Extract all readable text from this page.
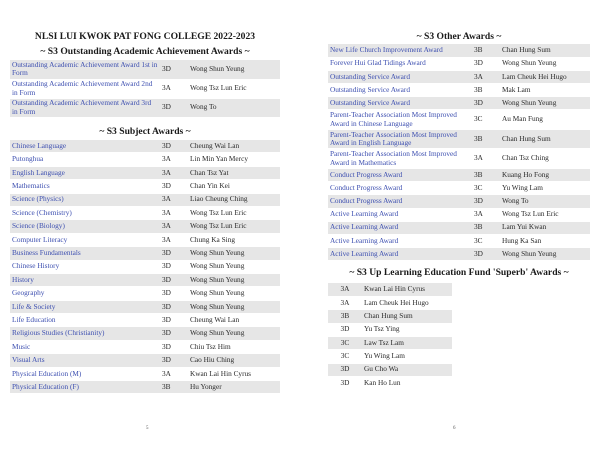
NLSI LUI KWOK PAT FONG COLLEGE 2022-2023
~ S3 Outstanding Academic Achievement Awards ~
Outstanding Academic Achievement Award 1st in Form	3D	Wong Shun Yeung
Outstanding Academic Achievement Award 2nd in Form	3A	Wong Tsz Lun Eric
Outstanding Academic Achievement Award 3rd in Form	3D	Wong To
~ S3 Subject Awards ~
Chinese Language	3D	Cheung Wai Lan
Putonghua	3A	Lin Min Yan Mercy
English Language	3A	Chan Tsz Yat
Mathematics	3D	Chan Yin Kei
Science (Physics)	3A	Liao Cheung Ching
Science (Chemistry)	3A	Wong Tsz Lun Eric
Science (Biology)	3A	Wong Tsz Lun Eric
Computer Literacy	3A	Chung Ka Sing
Business Fundamentals	3D	Wong Shun Yeung
Chinese History	3D	Wong Shun Yeung
History	3D	Wong Shun Yeung
Geography	3D	Wong Shun Yeung
Life & Society	3D	Wong Shun Yeung
Life Education	3D	Cheung Wai Lan
Religious Studies (Christianity)	3D	Wong Shun Yeung
Music	3D	Chiu Tsz Him
Visual Arts	3D	Cao Hiu Ching
Physical Education (M)	3A	Kwan Lai Hin Cyrus
Physical Education (F)	3B	Hu Yonger
5
~ S3 Other Awards ~
New Life Church Improvement Award	3B	Chan Hung Sum
Forever Hui Glad Tidings Award	3D	Wong Shun Yeung
Outstanding Service Award	3A	Lam Cheuk Hei Hugo
Outstanding Service Award	3B	Mak Lam
Outstanding Service Award	3D	Wong Shun Yeung
Parent-Teacher Association Most Improved Award in Chinese Language	3C	Au Man Fung
Parent-Teacher Association Most Improved Award in English Language	3B	Chan Hung Sum
Parent-Teacher Association Most Improved Award in Mathematics	3A	Chan Tsz Ching
Conduct Progress Award	3B	Kuang Ho Fong
Conduct Progress Award	3C	Yu Wing Lam
Conduct Progress Award	3D	Wong To
Active Learning Award	3A	Wong Tsz Lun Eric
Active Learning Award	3B	Lam Yui Kwan
Active Learning Award	3C	Hung Ka San
Active Learning Award	3D	Wong Shun Yeung
~ S3 Up Learning Education Fund 'Superb' Awards ~
3A	Kwan Lai Hin Cyrus	
3A	Lam Cheuk Hei Hugo	
3B	Chan Hung Sum	
3D	Yu Tsz Ying	
3C	Law Tsz Lam	
3C	Yu Wing Lam	
3D	Gu Cho Wa	
3D	Kan Ho Lun	
6
